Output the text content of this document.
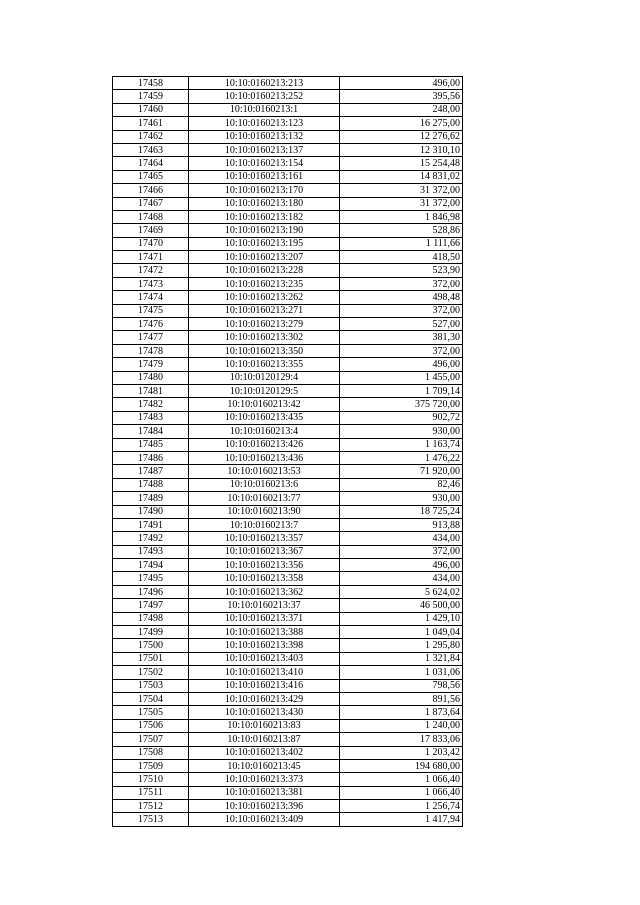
17458	10:10:0160213:213	496,00
17459	10:10:0160213:252	395,56
17460	10:10:0160213:1	248,00
17461	10:10:0160213:123	16 275,00
17462	10:10:0160213:132	12 276,62
17463	10:10:0160213:137	12 310,10
17464	10:10:0160213:154	15 254,48
17465	10:10:0160213:161	14 831,02
17466	10:10:0160213:170	31 372,00
17467	10:10:0160213:180	31 372,00
17468	10:10:0160213:182	1 846,98
17469	10:10:0160213:190	528,86
17470	10:10:0160213:195	1 111,66
17471	10:10:0160213:207	418,50
17472	10:10:0160213:228	523,90
17473	10:10:0160213:235	372,00
17474	10:10:0160213:262	498,48
17475	10:10:0160213:271	372,00
17476	10:10:0160213:279	527,00
17477	10:10:0160213:302	381,30
17478	10:10:0160213:350	372,00
17479	10:10:0160213:355	496,00
17480	10:10:0120129:4	1 455,00
17481	10:10:0120129:5	1 709,14
17482	10:10:0160213:42	375 720,00
17483	10:10:0160213:435	902,72
17484	10:10:0160213:4	930,00
17485	10:10:0160213:426	1 163,74
17486	10:10:0160213:436	1 476,22
17487	10:10:0160213:53	71 920,00
17488	10:10:0160213:6	82,46
17489	10:10:0160213:77	930,00
17490	10:10:0160213:90	18 725,24
17491	10:10:0160213:7	913,88
17492	10:10:0160213:357	434,00
17493	10:10:0160213:367	372,00
17494	10:10:0160213:356	496,00
17495	10:10:0160213:358	434,00
17496	10:10:0160213:362	5 624,02
17497	10:10:0160213:37	46 500,00
17498	10:10:0160213:371	1 429,10
17499	10:10:0160213:388	1 049,04
17500	10:10:0160213:398	1 295,80
17501	10:10:0160213:403	1 321,84
17502	10:10:0160213:410	1 031,06
17503	10:10:0160213:416	798,56
17504	10:10:0160213:429	891,56
17505	10:10:0160213:430	1 873,64
17506	10:10:0160213:83	1 240,00
17507	10:10:0160213:87	17 833,06
17508	10:10:0160213:402	1 203,42
17509	10:10:0160213:45	194 680,00
17510	10:10:0160213:373	1 066,40
17511	10:10:0160213:381	1 066,40
17512	10:10:0160213:396	1 256,74
17513	10:10:0160213:409	1 417,94
